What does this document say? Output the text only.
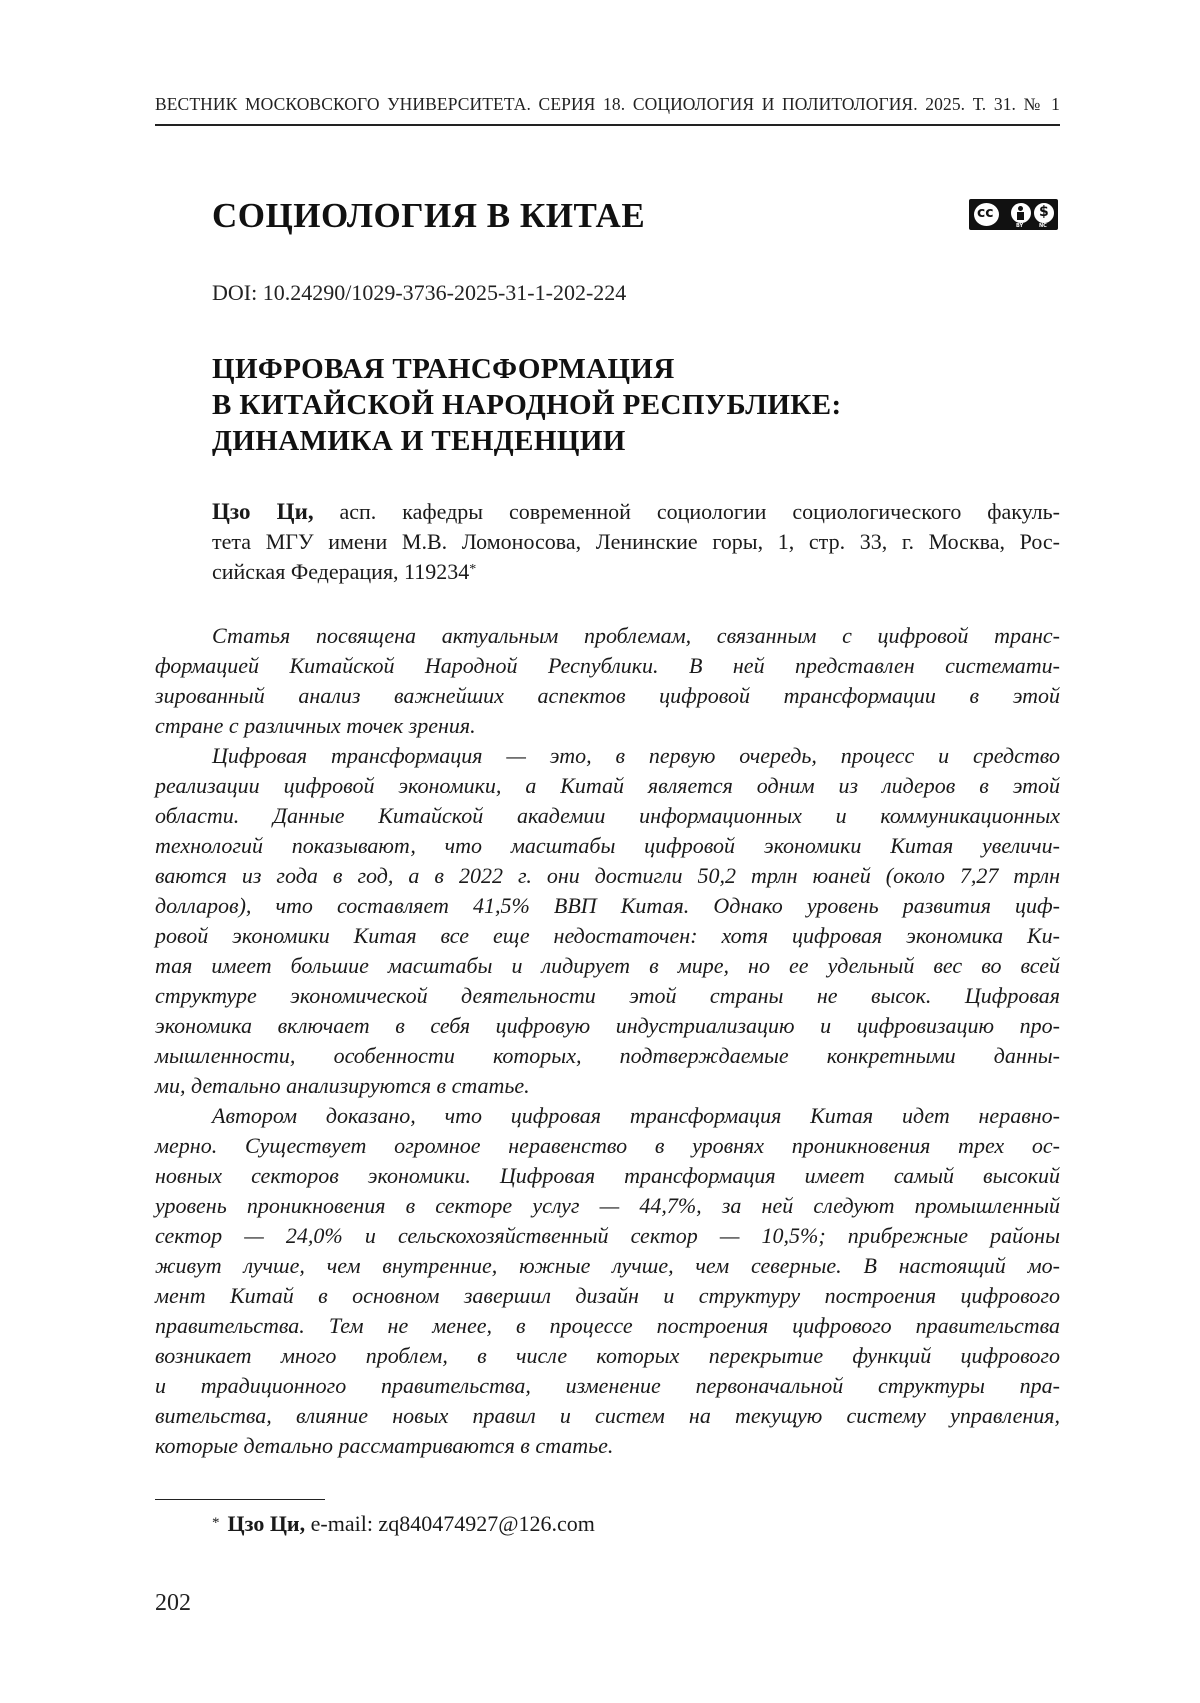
ВЕСТНИК МОСКОВСКОГО УНИВЕРСИТЕТА. СЕРИЯ 18. СОЦИОЛОГИЯ И ПОЛИТОЛОГИЯ. 2025. Т. 31. № 1
СОЦИОЛОГИЯ В КИТАЕ
cc
$	BY	NC
DOI: 10.24290/1029-3736-2025-31-1-202-224
ЦИФРОВАЯ ТРАНСФОРМАЦИЯ
В КИТАЙСКОЙ НАРОДНОЙ РЕСПУБЛИКЕ:
ДИНАМИКА И ТЕНДЕНЦИИ
Цзо Ци, асп. кафедры современной социологии социологического факуль-
тета МГУ имени М.В. Ломоносова, Ленинские горы, 1, стр. 33, г. Москва, Рос-
сийская Федерация, 119234*
Статья посвящена актуальным проблемам, связанным с цифровой транс-
формацией Китайской Народной Республики. В ней представлен системати-
зированный анализ важнейших аспектов цифровой трансформации в этой
стране с различных точек зрения.
Цифровая трансформация — это, в первую очередь, процесс и средство
реализации цифровой экономики, а Китай является одним из лидеров в этой
области. Данные Китайской академии информационных и коммуникационных
технологий показывают, что масштабы цифровой экономики Китая увеличи-
ваются из года в год, а в 2022 г. они достигли 50,2 трлн юаней (около 7,27 трлн
долларов), что составляет 41,5% ВВП Китая. Однако уровень развития циф-
ровой экономики Китая все еще недостаточен: хотя цифровая экономика Ки-
тая имеет большие масштабы и лидирует в мире, но ее удельный вес во всей
структуре экономической деятельности этой страны не высок. Цифровая
экономика включает в себя цифровую индустриализацию и цифровизацию про-
мышленности, особенности которых, подтверждаемые конкретными данны-
ми, детально анализируются в статье.
Автором доказано, что цифровая трансформация Китая идет неравно-
мерно. Существует огромное неравенство в уровнях проникновения трех ос-
новных секторов экономики. Цифровая трансформация имеет самый высокий
уровень проникновения в секторе услуг — 44,7%, за ней следуют промышленный
сектор — 24,0% и сельскохозяйственный сектор — 10,5%; прибрежные районы
живут лучше, чем внутренние, южные лучше, чем северные. В настоящий мо-
мент Китай в основном завершил дизайн и структуру построения цифрового
правительства. Тем не менее, в процессе построения цифрового правительства
возникает много проблем, в числе которых перекрытие функций цифрового
и традиционного правительства, изменение первоначальной структуры пра-
вительства, влияние новых правил и систем на текущую систему управления,
которые детально рассматриваются в статье.
* Цзо Ци, e-mail: zq840474927@126.com
202
